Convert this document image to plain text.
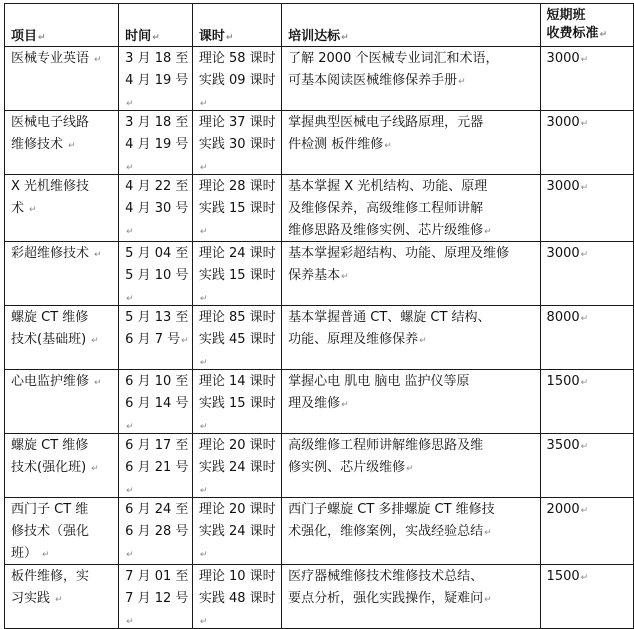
项目↵	时间↵	课时↵	培训达标↵	短期班
收费标准↵
医械专业英语 ↵	3 月 18 至
4 月 19 号↵	理论 58 课时
实践 09 课时↵	了解 2000 个医械专业词汇和术语，
可基本阅读医械维修保养手册↵	3000↵
医械电子线路
维修技术 ↵	3 月 18 至
4 月 19 号↵	理论 37 课时
实践 30 课时↵	掌握典型医械电子线路原理，元器
件检测 板件维修↵	3000↵
X 光机维修技
术 ↵	4 月 22 至
4 月 30 号↵	理论 28 课时
实践 15 课时↵	基本掌握 X 光机结构、功能、原理
及维修保养，高级维修工程师讲解
维修思路及维修实例、芯片级维修↵	3000↵
彩超维修技术 ↵	5 月 04 至
5 月 10 号↵	理论 24 课时
实践 15 课时↵	基本掌握彩超结构、功能、原理及维修
保养基本↵	3000↵
螺旋 CT 维修
技术(基础班) ↵	5 月 13 至
6 月 7 号↵	理论 85 课时
实践 45 课时↵	基本掌握普通 CT、螺旋 CT 结构、
功能、原理及维修保养↵	8000↵
心电监护维修 ↵	6 月 10 至
6 月 14 号↵	理论 14 课时
实践 15 课时↵	掌握心电 肌电 脑电 监护仪等原
理及维修↵	1500↵
螺旋 CT 维修
技术(强化班) ↵	6 月 17 至
6 月 21 号↵	理论 20 课时
实践 24 课时↵	高级维修工程师讲解维修思路及维
修实例、芯片级维修↵	3500↵
西门子 CT 维
修技术（强化
班） ↵	6 月 24 至
6 月 28 号↵	理论 20 课时
实践 24 课时↵	西门子螺旋 CT 多排螺旋 CT 维修技
术强化，维修案例，实战经验总结↵	2000↵
板件维修，实
习实践 ↵	7 月 01 至
7 月 12 号↵	理论 10 课时
实践 48 课时↵	医疗器械维修技术维修技术总结、
要点分析，强化实践操作，疑难问↵	1500↵
